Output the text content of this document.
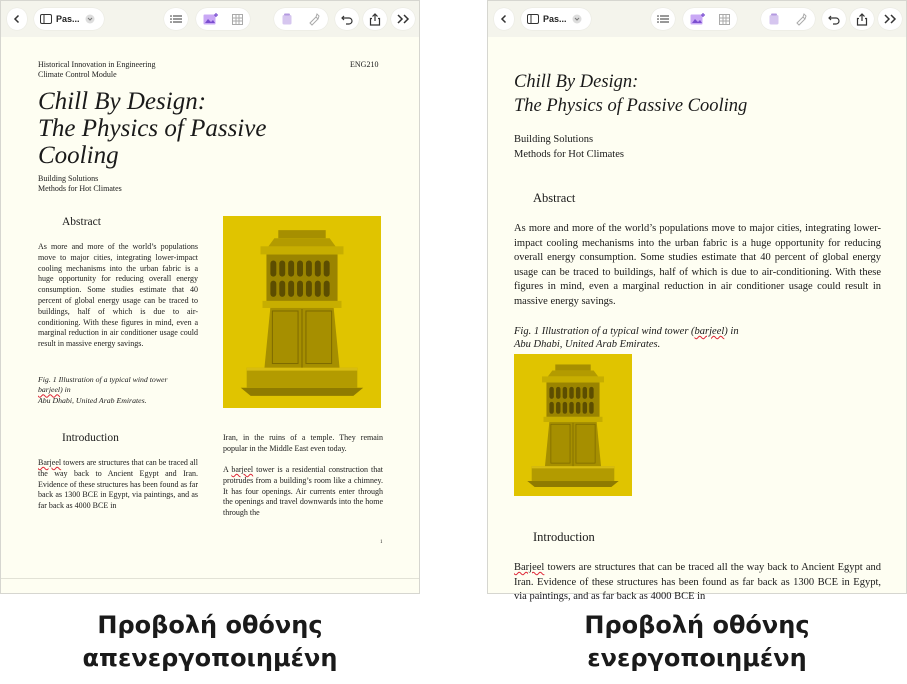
Pas...
Historical Innovation in Engineering
Climate Control Module
ENG210
Chill By Design:
The Physics of Passive
Cooling
Building Solutions
Methods for Hot Climates
Abstract
As more and more of the world’s populations move to major cities, integrating lower-impact cooling mechanisms into the urban fabric is a huge opportunity for reducing overall energy consumption. Some studies estimate that 40 percent of global energy usage can be traced to buildings, half of which is due to air-conditioning. With these figures in mind, even a marginal reduction in air conditioner usage could result in massive energy savings.
Fig. 1 Illustration of a typical wind tower
barjeel) in
Abu Dhabi, United Arab Emirates.
Introduction
Barjeel towers are structures that can be traced all the way back to Ancient Egypt and Iran. Evidence of these structures has been found as far back as 1300 BCE in Egypt, via paintings, and as far back as 4000 BCE in
Iran, in the ruins of a temple. They remain popular in the Middle East even today.
A barjeel tower is a residential construction that protrudes from a building’s room like a chimney. It has four openings. Air currents enter through the openings and travel downwards into the home through the
1
Pas...
Chill By Design:
The Physics of Passive Cooling
Building Solutions
Methods for Hot Climates
Abstract
As more and more of the world’s populations move to major cities, integrating lower-impact cooling mechanisms into the urban fabric is a huge opportunity for reducing overall energy consumption. Some studies estimate that 40 percent of global energy usage can be traced to buildings, half of which is due to air-conditioning. With these figures in mind, even a marginal reduction in air conditioner usage could result in massive energy savings.
Fig. 1 Illustration of a typical wind tower (barjeel) in
Abu Dhabi, United Arab Emirates.
Introduction
Barjeel towers are structures that can be traced all the way back to Ancient Egypt and Iran. Evidence of these structures has been found as far back as 1300 BCE in Egypt, via paintings, and as far back as 4000 BCE in
Προβολή οθόνης απενεργοποιημένη
Προβολή οθόνης ενεργοποιημένη
